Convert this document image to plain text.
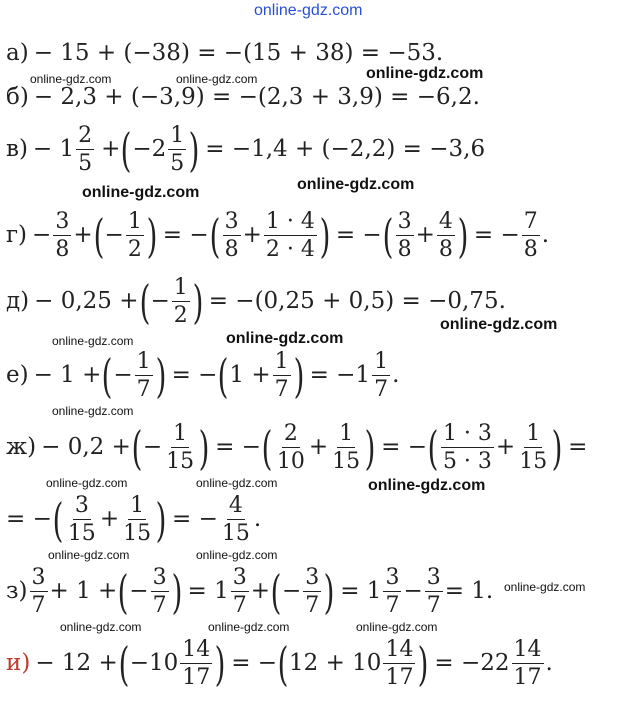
online-gdz.com
online-gdz.com	online-gdz.com	online-gdz.com
online-gdz.com	online-gdz.com
online-gdz.com	online-gdz.com
online-gdz.com
online-gdz.com
online-gdz.com	online-gdz.com	online-gdz.com
online-gdz.com	online-gdz.com
online-gdz.com
online-gdz.com	online-gdz.com	online-gdz.com
а) − 15 + (−38) = −(15 + 38) = −53.
б) − 2,3 + (−3,9) = −(2,3 + 3,9) = −6,2.
$в) - 1 \frac{2}{5}$ + ( $-2 \frac{1}{5}$ ) = −1,4 + (−2,2) = −3,6
$г) - \frac{3}{8}$ + ( − $\frac{1}{2}$ ) = − ( $\frac{3}{8} + \frac{1 \cdot 4}{2 \cdot 4}$ ) = − ( $\frac{3}{8} + \frac{4}{8}$ ) = − $\frac{7}{8}$ .
д) − 0,25 + ( − $\frac{1}{2}$ ) = −(0,25 + 0,5) = −0,75.
е) − 1 + ( − $\frac{1}{7}$ ) = − ( $1 + \frac{1}{7}$ ) = $-1 \frac{1}{7}$ .
ж) − 0,2 + ( − $\frac{1}{15}$ ) = − ( $\frac{2}{10} + \frac{1}{15}$ ) = − ( $\frac{1 \cdot 3}{5 \cdot 3} + \frac{1}{15}$ ) =
= − ( $\frac{3}{15} + \frac{1}{15}$ ) = − $\frac{4}{15}$ .
$з) \frac{3}{7} + 1$ + ( − $\frac{3}{7}$ ) = $1 \frac{3}{7}$ + ( − $\frac{3}{7}$ ) = $1 \frac{3}{7} - \frac{3}{7} = 1$.
и) − 12 + ( $-10 \frac{14}{17}$ ) = − ( $12 + 10 \frac{14}{17}$ ) = $-22 \frac{14}{17}$ .
